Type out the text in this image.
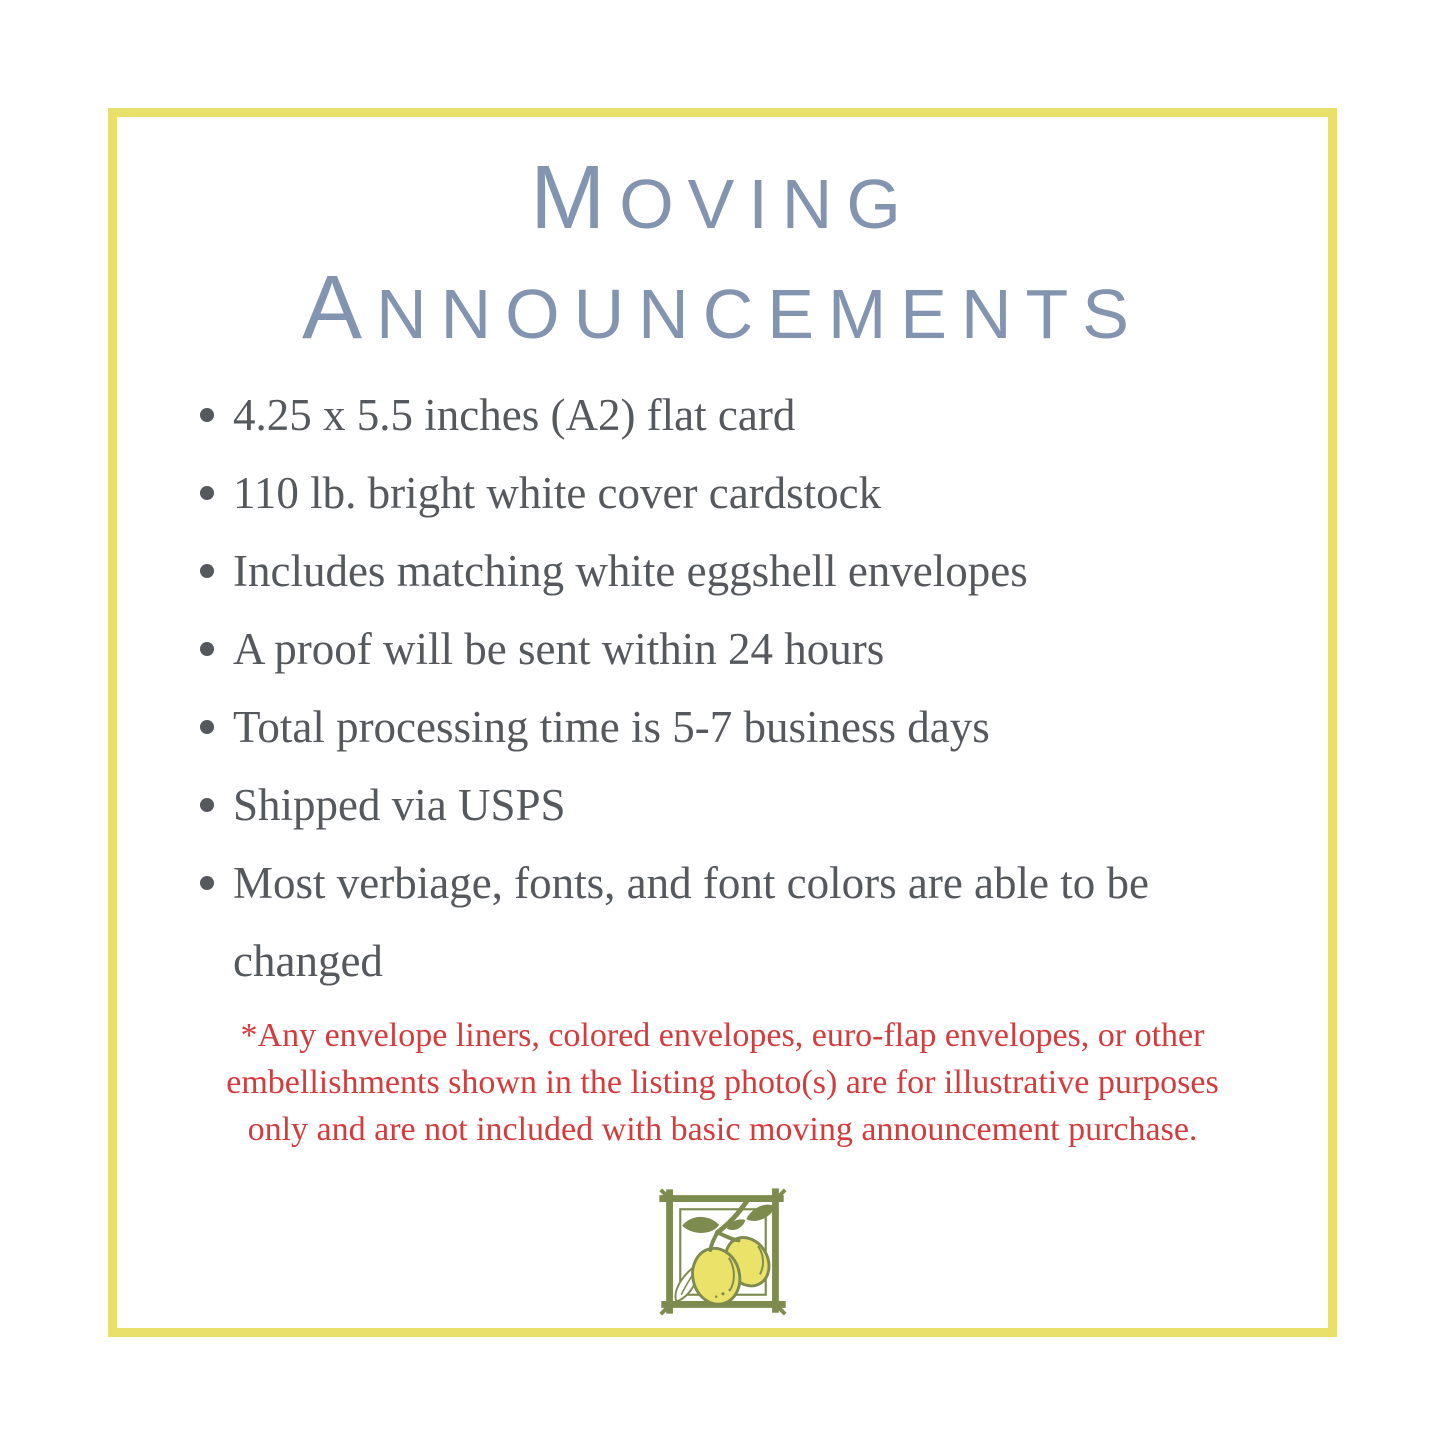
MOVING
ANNOUNCEMENTS
4.25 x 5.5 inches (A2) flat card
110 lb. bright white cover cardstock
Includes matching white eggshell envelopes
A proof will be sent within 24 hours
Total processing time is 5-7 business days
Shipped via USPS
Most verbiage, fonts, and font colors are able to be changed
*Any envelope liners, colored envelopes, euro-flap envelopes, or other
embellishments shown in the listing photo(s) are for illustrative purposes
only and are not included with basic moving announcement purchase.
